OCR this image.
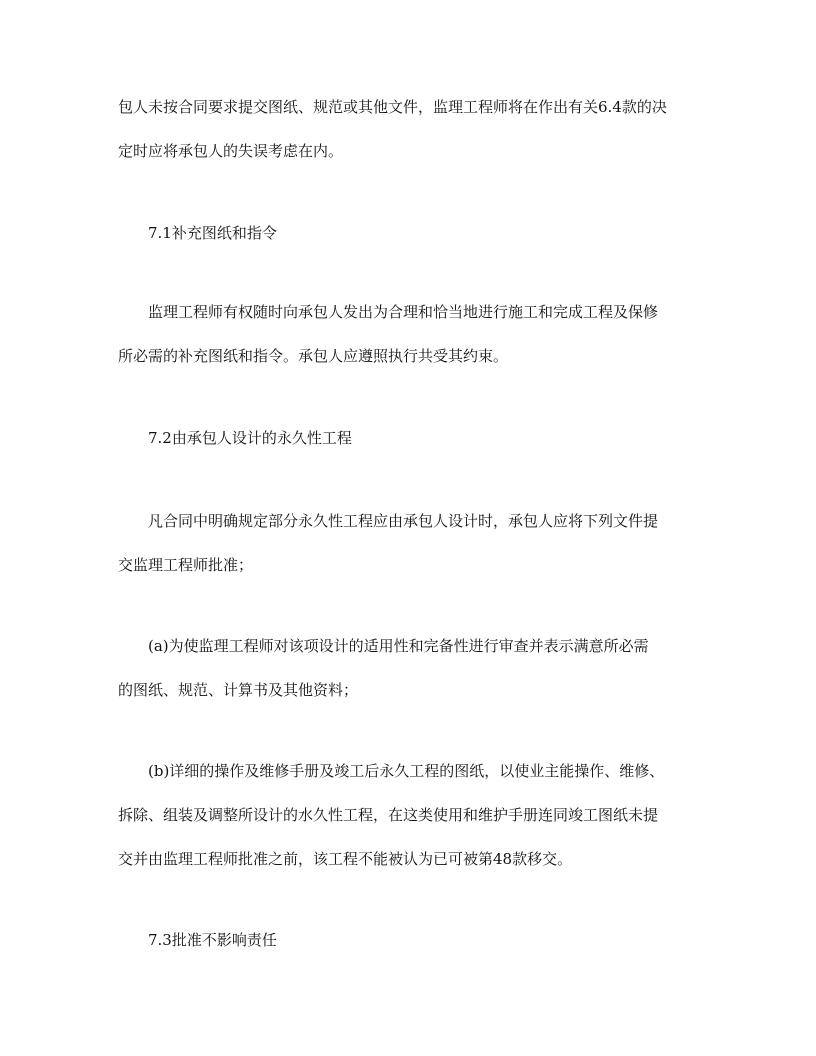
包人未按合同要求提交图纸、规范或其他文件，监理工程师将在作出有关6.4款的决
定时应将承包人的失误考虑在内。
7.1补充图纸和指令
监理工程师有权随时向承包人发出为合理和恰当地进行施工和完成工程及保修
所必需的补充图纸和指令。承包人应遵照执行共受其约束。
7.2由承包人设计的永久性工程
凡合同中明确规定部分永久性工程应由承包人设计时，承包人应将下列文件提
交监理工程师批准；
(a)为使监理工程师对该项设计的适用性和完备性进行审查并表示满意所必需
的图纸、规范、计算书及其他资料；
(b)详细的操作及维修手册及竣工后永久工程的图纸，以使业主能操作、维修、
拆除、组装及调整所设计的水久性工程，在这类使用和维护手册连同竣工图纸未提
交并由监理工程师批准之前，该工程不能被认为已可被第48款移交。
7.3批准不影响责任
